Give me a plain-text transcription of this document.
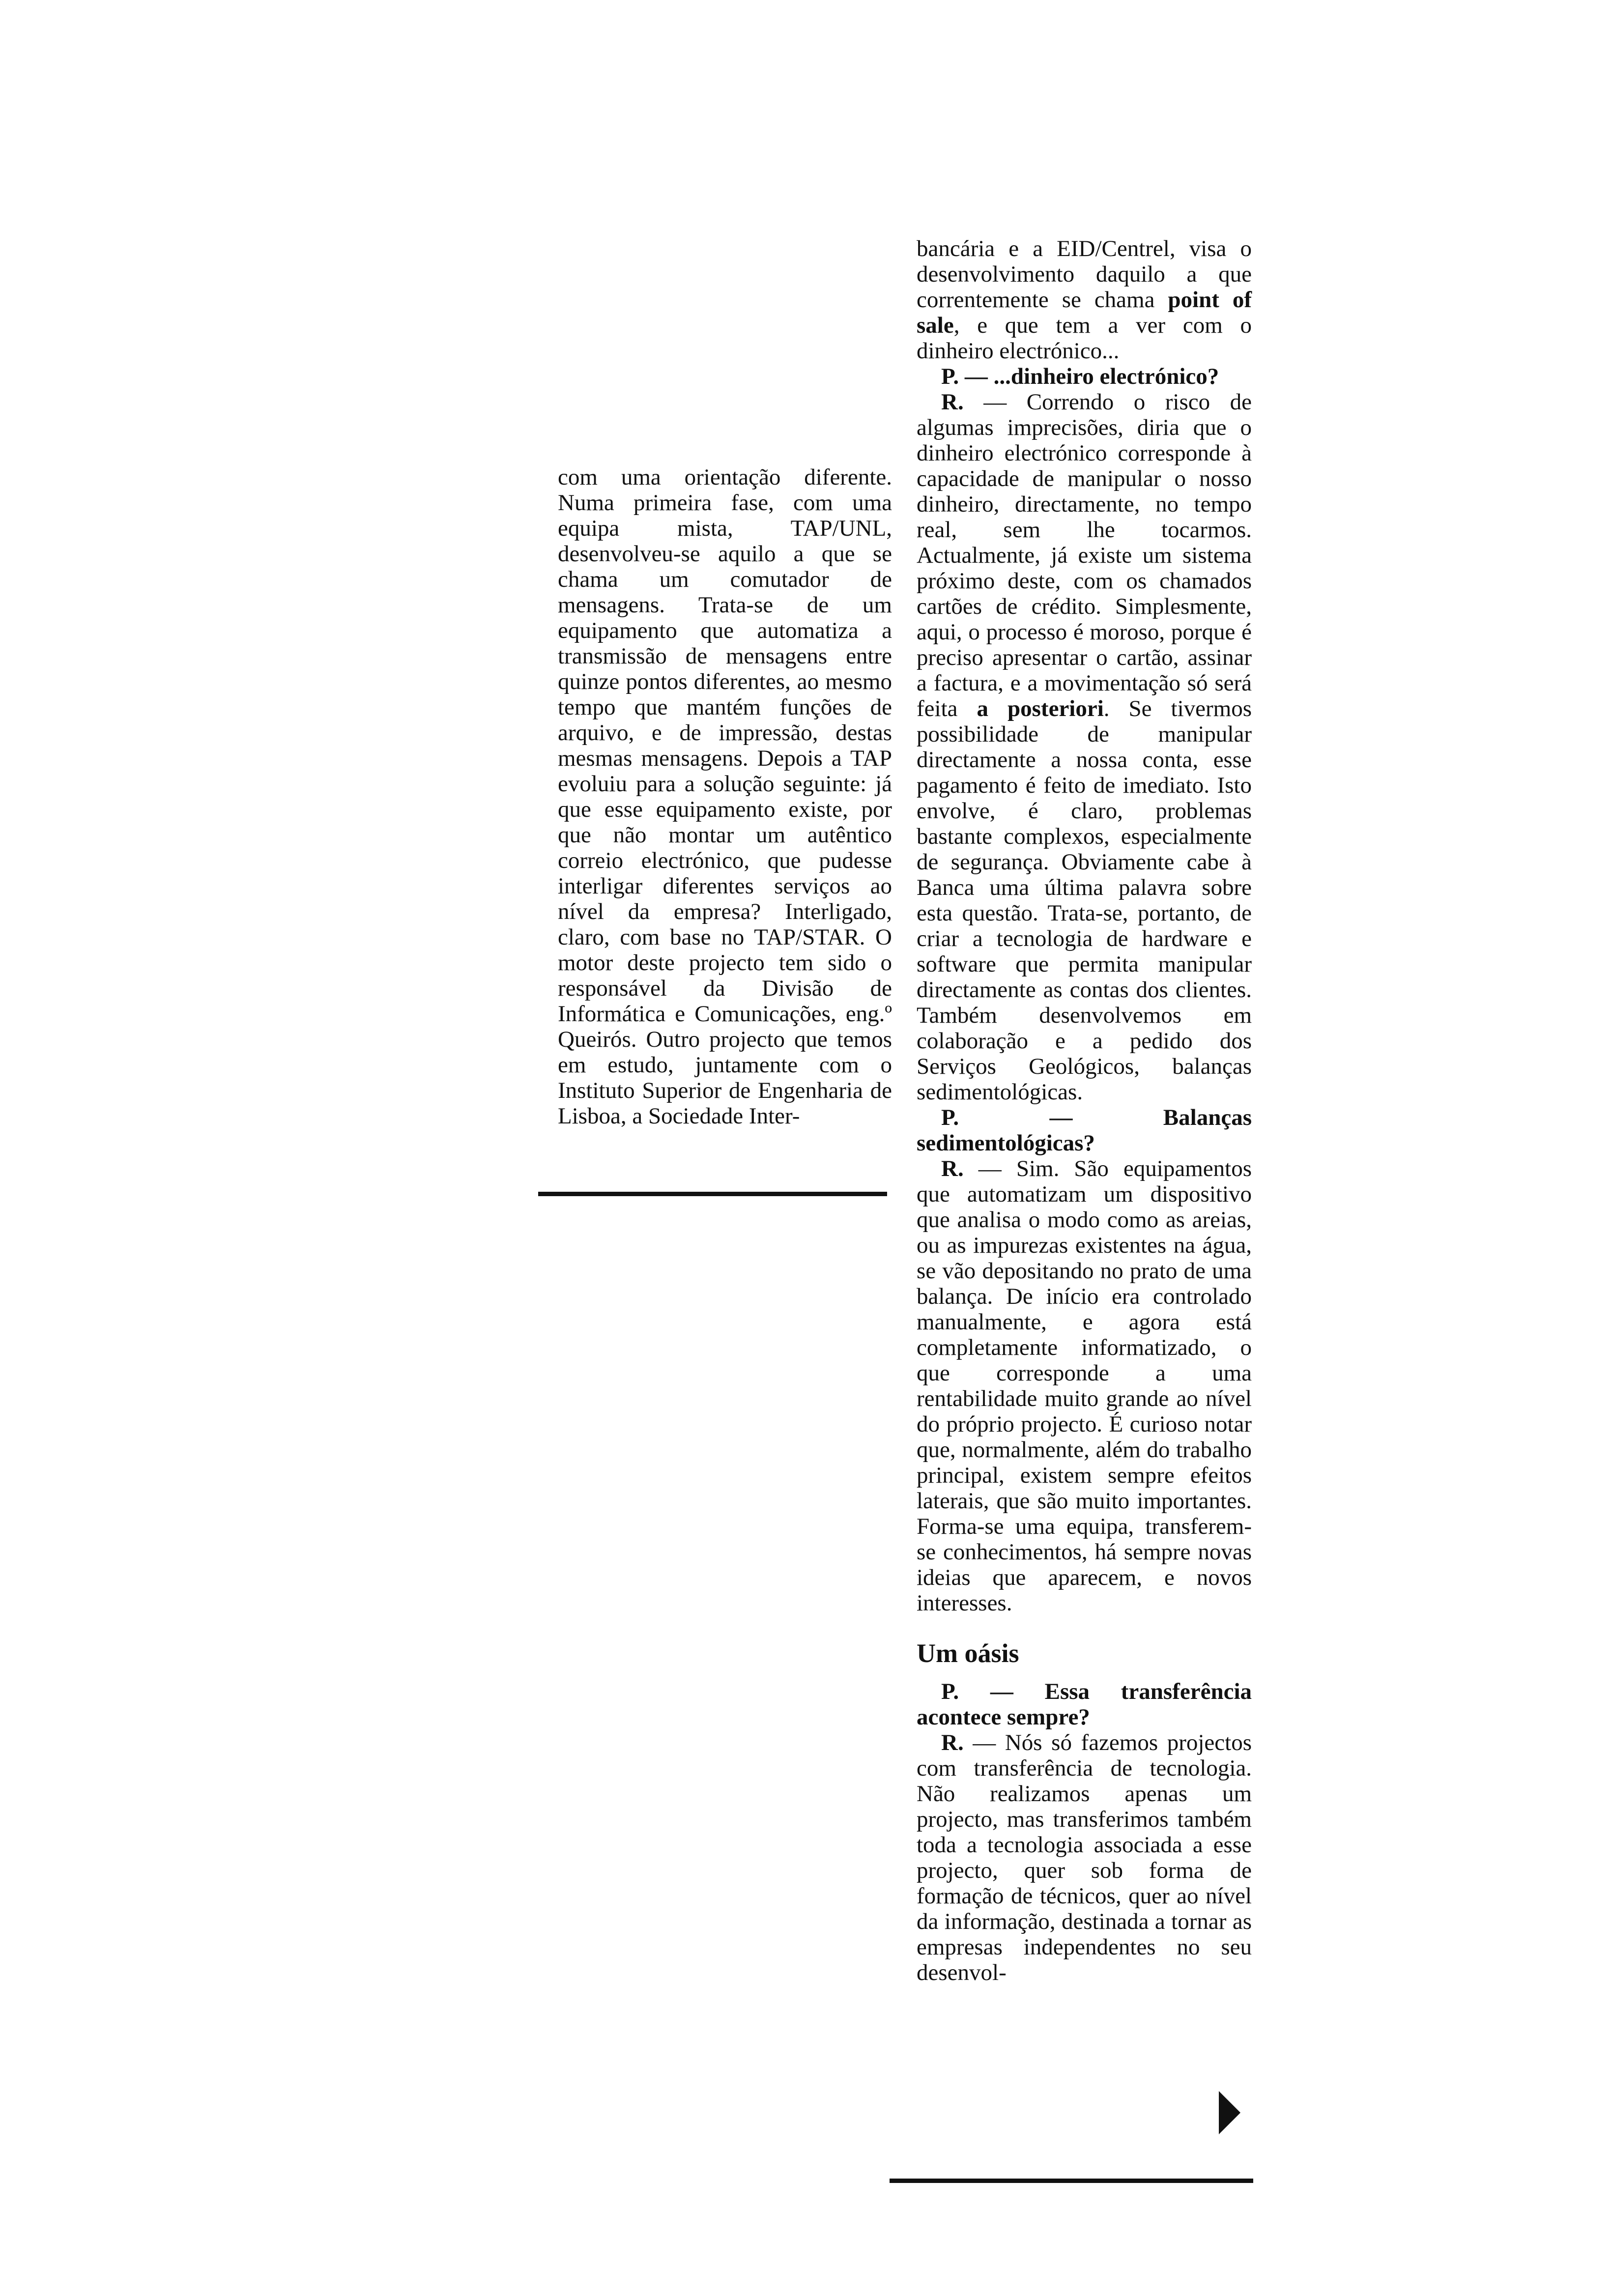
com uma orientação diferente. Numa primeira fase, com uma equipa mista, TAP/UNL, desenvolveu-se aquilo a que se chama um comutador de mensagens. Trata-se de um equipamento que automatiza a transmissão de mensagens entre quinze pontos diferentes, ao mesmo tempo que mantém funções de arquivo, e de impressão, destas mesmas mensagens. Depois a TAP evoluiu para a solução seguinte: já que esse equipamento existe, por que não montar um autêntico correio electrónico, que pudesse interligar diferentes serviços ao nível da empresa? Interligado, claro, com base no TAP/STAR. O motor deste projecto tem sido o responsável da Divisão de Informática e Comunicações, eng.º Queirós. Outro projecto que temos em estudo, juntamente com o Instituto Superior de Engenharia de Lisboa, a Sociedade Inter-

bancária e a EID/Centrel, visa o desenvolvimento daquilo a que correntemente se chama point of sale, e que tem a ver com o dinheiro electrónico...

P. — ...dinheiro electrónico?

R. — Correndo o risco de algumas imprecisões, diria que o dinheiro electrónico corresponde à capacidade de manipular o nosso dinheiro, directamente, no tempo real, sem lhe tocarmos. Actualmente, já existe um sistema próximo deste, com os chamados cartões de crédito. Simplesmente, aqui, o processo é moroso, porque é preciso apresentar o cartão, assinar a factura, e a movimentação só será feita a posteriori. Se tivermos possibilidade de manipular directamente a nossa conta, esse pagamento é feito de imediato. Isto envolve, é claro, problemas bastante complexos, especialmente de segurança. Obviamente cabe à Banca uma última palavra sobre esta questão. Trata-se, portanto, de criar a tecnologia de hardware e software que permita manipular directamente as contas dos clientes. Também desenvolvemos em colaboração e a pedido dos Serviços Geológicos, balanças sedimentológicas.

P. — Balanças sedimentológicas?

R. — Sim. São equipamentos que automatizam um dispositivo que analisa o modo como as areias, ou as impurezas existentes na água, se vão depositando no prato de uma balança. De início era controlado manualmente, e agora está completamente informatizado, o que corresponde a uma rentabilidade muito grande ao nível do próprio projecto. É curioso notar que, normalmente, além do trabalho principal, existem sempre efeitos laterais, que são muito importantes. Forma-se uma equipa, transferem-se conhecimentos, há sempre novas ideias que aparecem, e novos interesses.

Um oásis

P. — Essa transferência acontece sempre?

R. — Nós só fazemos projectos com transferência de tecnologia. Não realizamos apenas um projecto, mas transferimos também toda a tecnologia associada a esse projecto, quer sob forma de formação de técnicos, quer ao nível da informação, destinada a tornar as empresas independentes no seu desenvol-
